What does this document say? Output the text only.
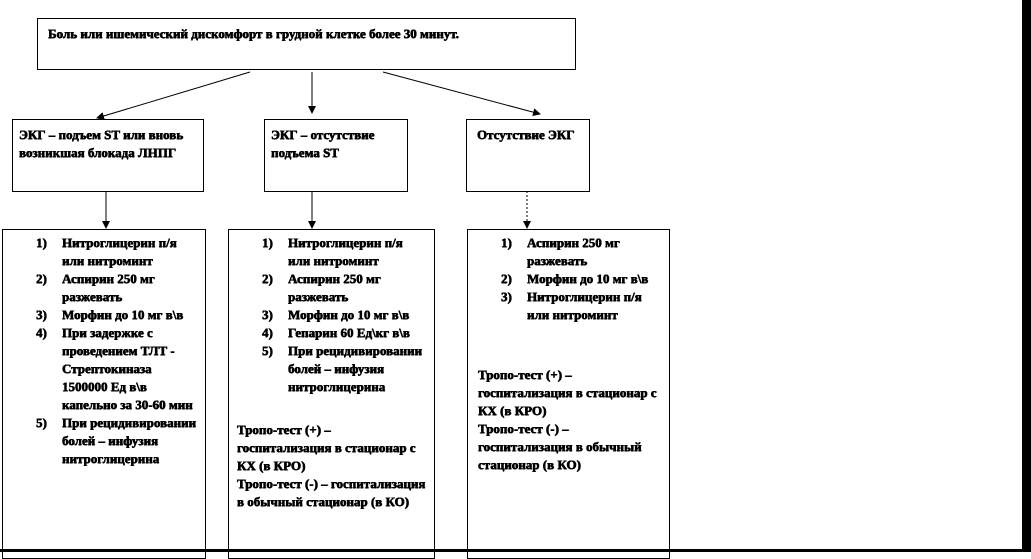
Боль или ишемический дискомфорт в грудной клетке более 30 минут.
ЭКГ – подъем ST или вновь возникшая блокада ЛНПГ
ЭКГ – отсутствие подъема ST
Отсутствие ЭКГ
1) Нитроглицерин п/я или нитроминт
2) Аспирин 250 мг разжевать
3) Морфин до 10 мг в\в
4) При задержке с проведением ТЛТ - Стрептокиназа 1500000 Ед в\в капельно за 30-60 мин
5) При рецидивировании болей – инфузия нитроглицерина
1) Нитроглицерин п/я или нитроминт
2) Аспирин 250 мг разжевать
3) Морфин до 10 мг в\в
4) Гепарин 60 Ед\кг в\в
5) При рецидивировании болей – инфузия нитроглицерина
Тропо-тест (+) – госпитализация в стационар с КХ (в КРО)
Тропо-тест (-) – госпитализация в обычный стационар (в КО)
1) Аспирин 250 мг разжевать
2) Морфин до 10 мг в\в
3) Нитроглицерин п/я или нитроминт
Тропо-тест (+) – госпитализация в стационар с КХ (в КРО)
Тропо-тест (-) – госпитализация в обычный стационар (в КО)
